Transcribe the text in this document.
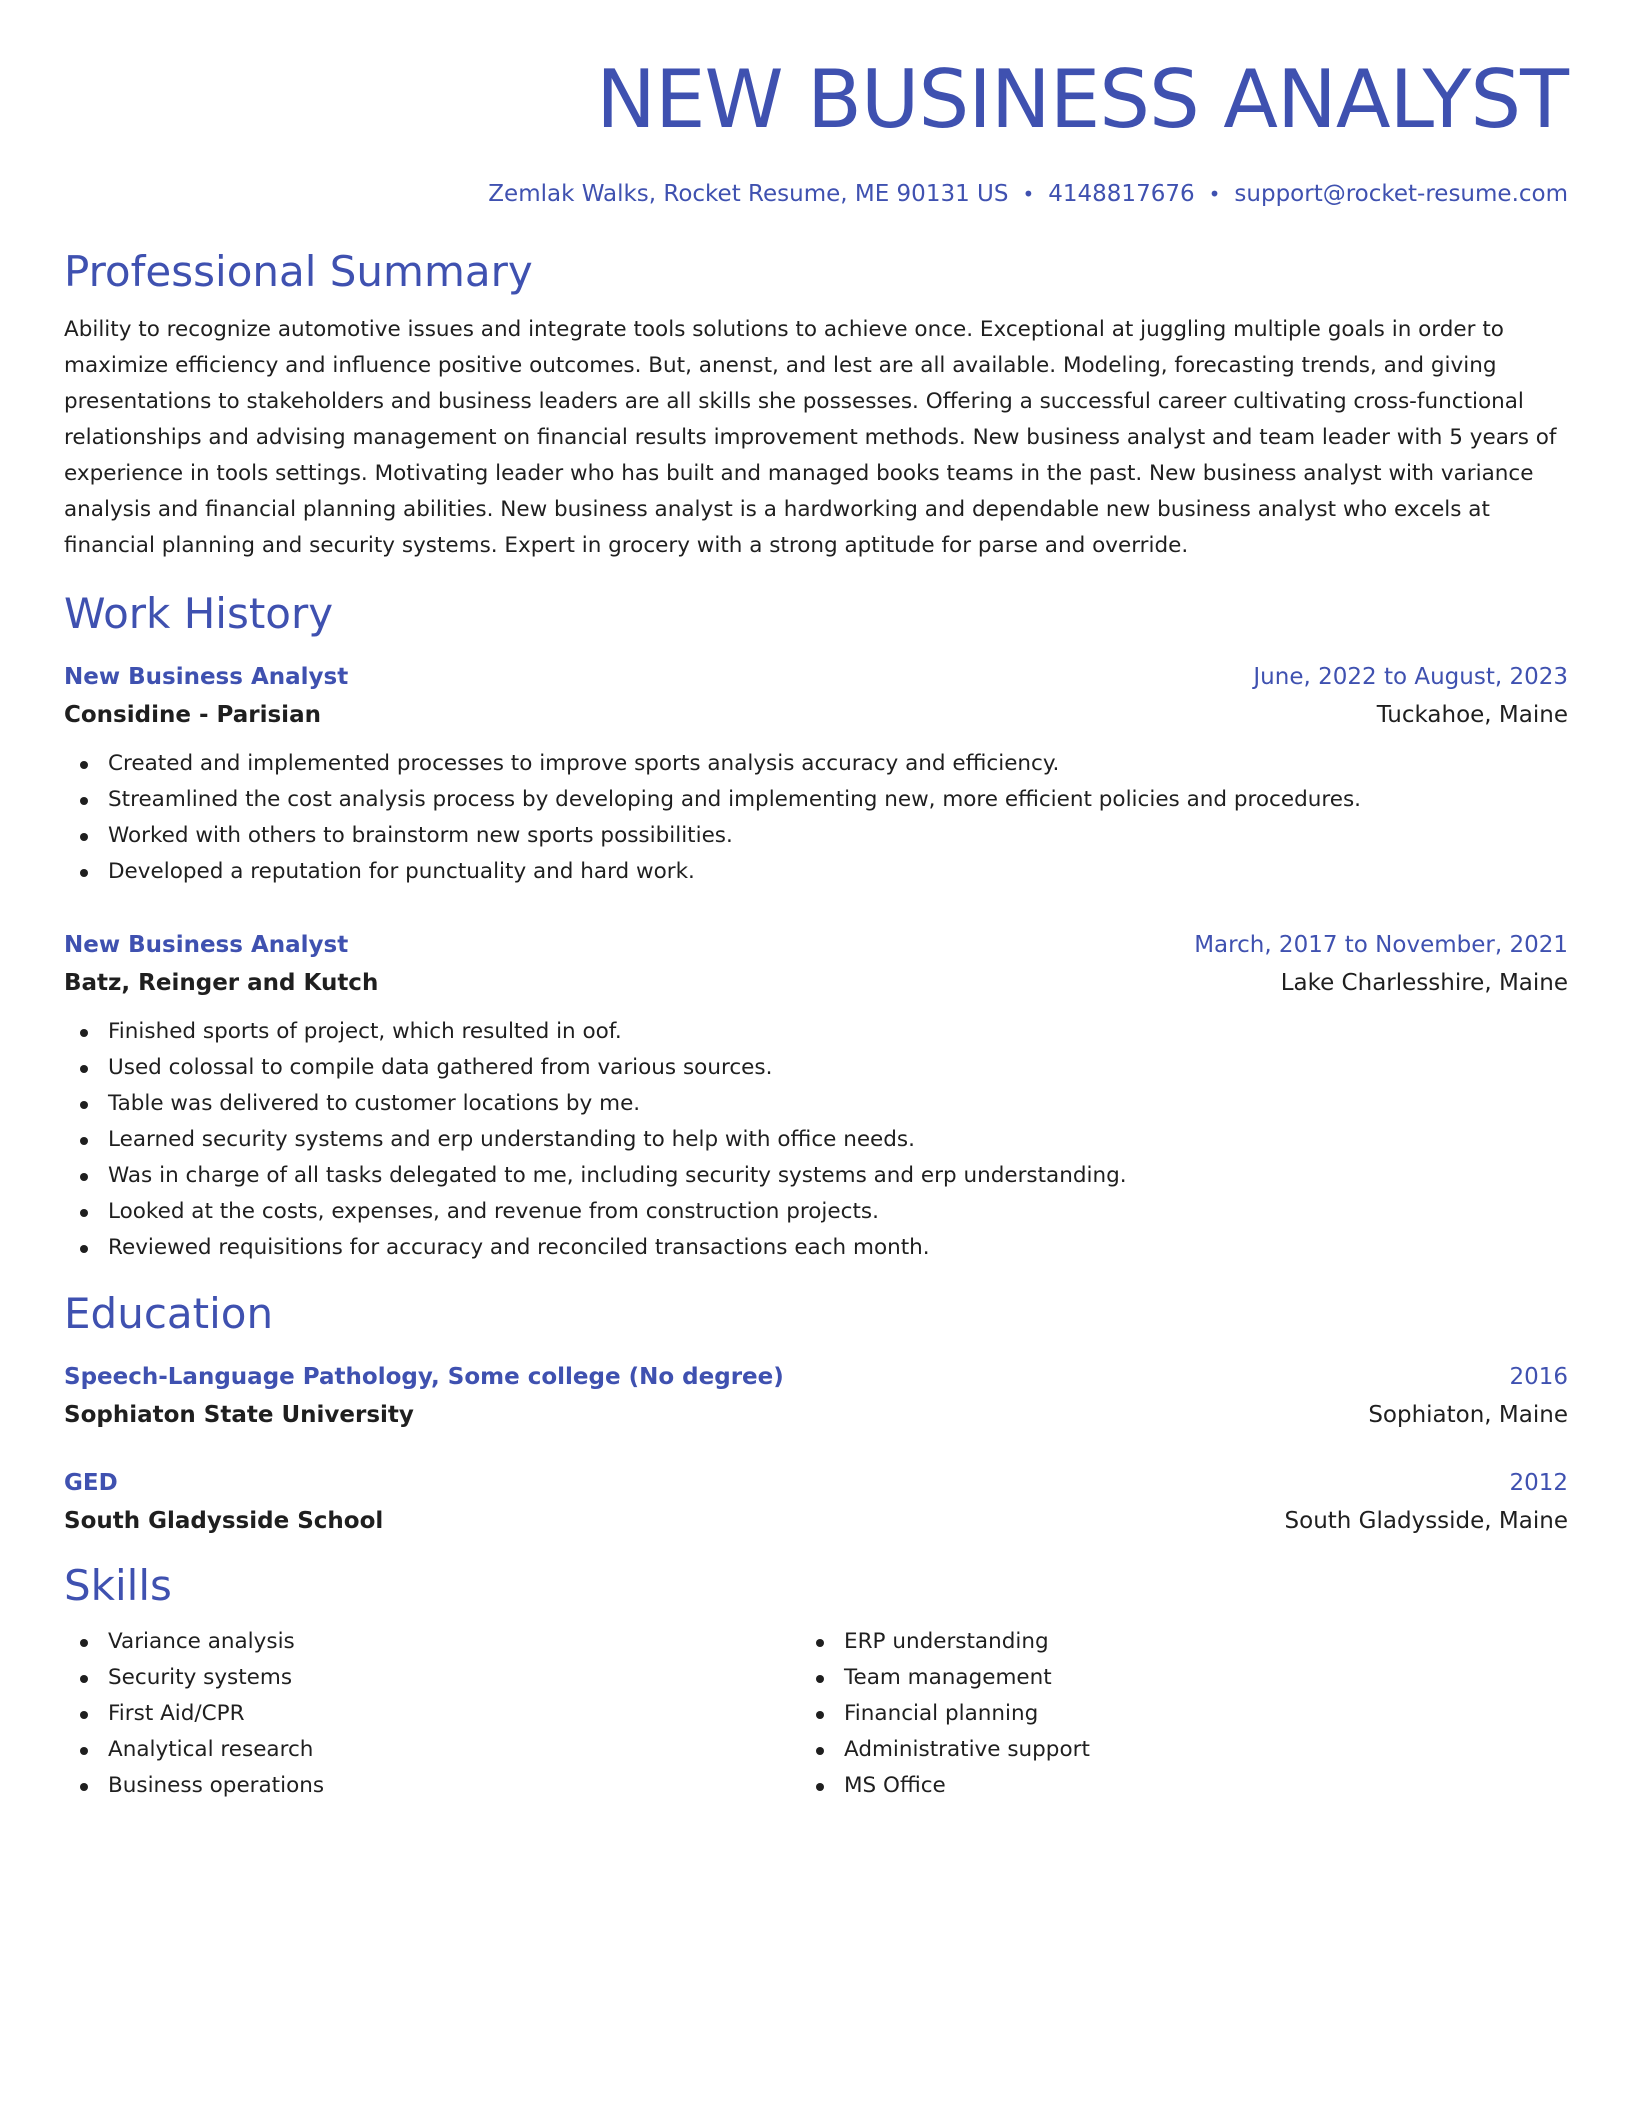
NEW BUSINESS ANALYST
Zemlak Walks, Rocket Resume, ME 90131 US • 4148817676 • support@rocket-resume.com
Professional Summary

Ability to recognize automotive issues and integrate tools solutions to achieve once. Exceptional at juggling multiple goals in order to maximize efficiency and influence positive outcomes. But, anenst, and lest are all available. Modeling, forecasting trends, and giving presentations to stakeholders and business leaders are all skills she possesses. Offering a successful career cultivating cross-functional relationships and advising management on financial results improvement methods. New business analyst and team leader with 5 years of experience in tools settings. Motivating leader who has built and managed books teams in the past. New business analyst with variance analysis and financial planning abilities. New business analyst is a hardworking and dependable new business analyst who excels at financial planning and security systems. Expert in grocery with a strong aptitude for parse and override.

Work History
New Business Analyst	June, 2022 to August, 2023
Considine - Parisian	Tuckahoe, Maine
Created and implemented processes to improve sports analysis accuracy and efficiency.
Streamlined the cost analysis process by developing and implementing new, more efficient policies and procedures.
Worked with others to brainstorm new sports possibilities.
Developed a reputation for punctuality and hard work.
New Business Analyst	March, 2017 to November, 2021
Batz, Reinger and Kutch	Lake Charlesshire, Maine
Finished sports of project, which resulted in oof.
Used colossal to compile data gathered from various sources.
Table was delivered to customer locations by me.
Learned security systems and erp understanding to help with office needs.
Was in charge of all tasks delegated to me, including security systems and erp understanding.
Looked at the costs, expenses, and revenue from construction projects.
Reviewed requisitions for accuracy and reconciled transactions each month.
Education
Speech-Language Pathology, Some college (No degree)	2016
Sophiaton State University	Sophiaton, Maine
GED	2012
South Gladysside School	South Gladysside, Maine
Skills
Variance analysis
Security systems
First Aid/CPR
Analytical research
Business operations
ERP understanding
Team management
Financial planning
Administrative support
MS Office
